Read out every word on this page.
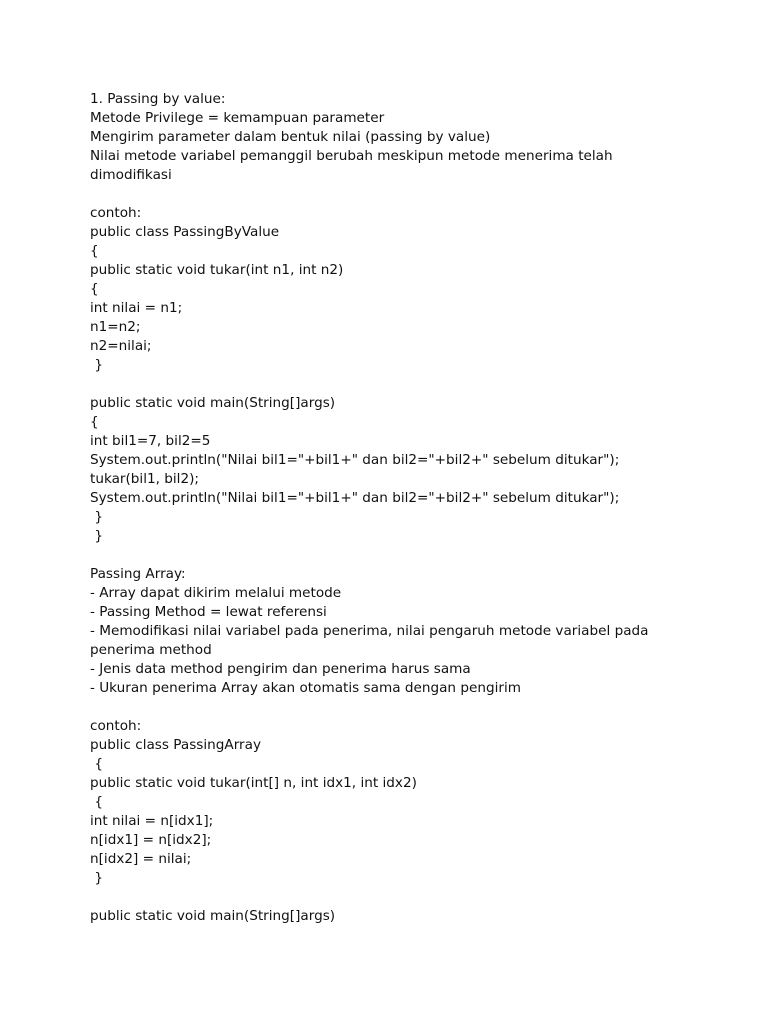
1. Passing by value:
Metode Privilege = kemampuan parameter
Mengirim parameter dalam bentuk nilai (passing by value)
Nilai metode variabel pemanggil berubah meskipun metode menerima telah
dimodifikasi
contoh:
public class PassingByValue
{
public static void tukar(int n1, int n2)
{
int nilai = n1;
n1=n2;
n2=nilai;
}
public static void main(String[]args)
{
int bil1=7, bil2=5
System.out.println("Nilai bil1="+bil1+" dan bil2="+bil2+" sebelum ditukar");
tukar(bil1, bil2);
System.out.println("Nilai bil1="+bil1+" dan bil2="+bil2+" sebelum ditukar");
}
}
Passing Array:
- Array dapat dikirim melalui metode
- Passing Method = lewat referensi
- Memodifikasi nilai variabel pada penerima, nilai pengaruh metode variabel pada
penerima method
- Jenis data method pengirim dan penerima harus sama
- Ukuran penerima Array akan otomatis sama dengan pengirim
contoh:
public class PassingArray
{
public static void tukar(int[] n, int idx1, int idx2)
{
int nilai = n[idx1];
n[idx1] = n[idx2];
n[idx2] = nilai;
}
public static void main(String[]args)
